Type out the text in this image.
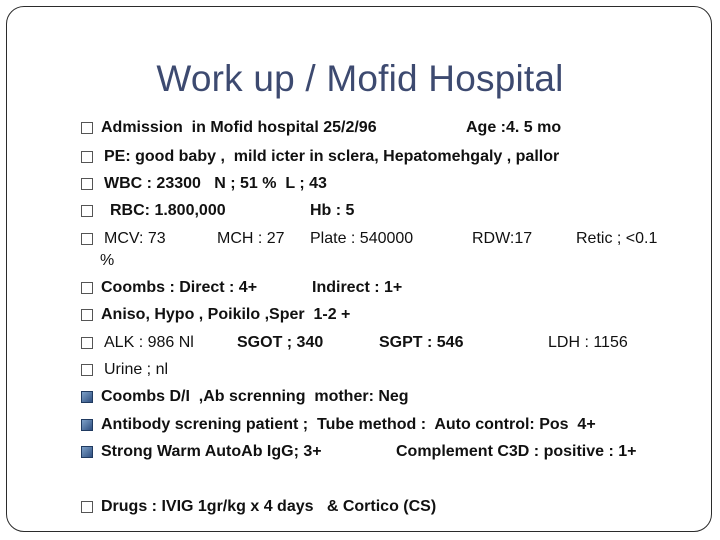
Work up / Mofid Hospital
Admission  in Mofid hospital 25/2/96	Age :4. 5 mo
PE: good baby ,  mild icter in sclera, Hepatomehgaly , pallor
WBC : 23300   N ; 51 %  L ; 43
RBC: 1.800,000	Hb : 5
MCV: 73	MCH : 27 Plate : 540000	RDW:17	Retic ; <0.1
%
Coombs : Direct : 4+	Indirect : 1+
Aniso, Hypo , Poikilo ,Sper  1-2 +
ALK : 986 Nl	SGOT ; 340	SGPT : 546	LDH : 1156
Urine ; nl
Coombs D/I  ,Ab screnning  mother: Neg
Antibody screning patient ;  Tube method :  Auto control: Pos  4+
Strong Warm AutoAb IgG; 3+	Complement C3D : positive : 1+
Drugs : IVIG 1gr/kg x 4 days   & Cortico (CS)
